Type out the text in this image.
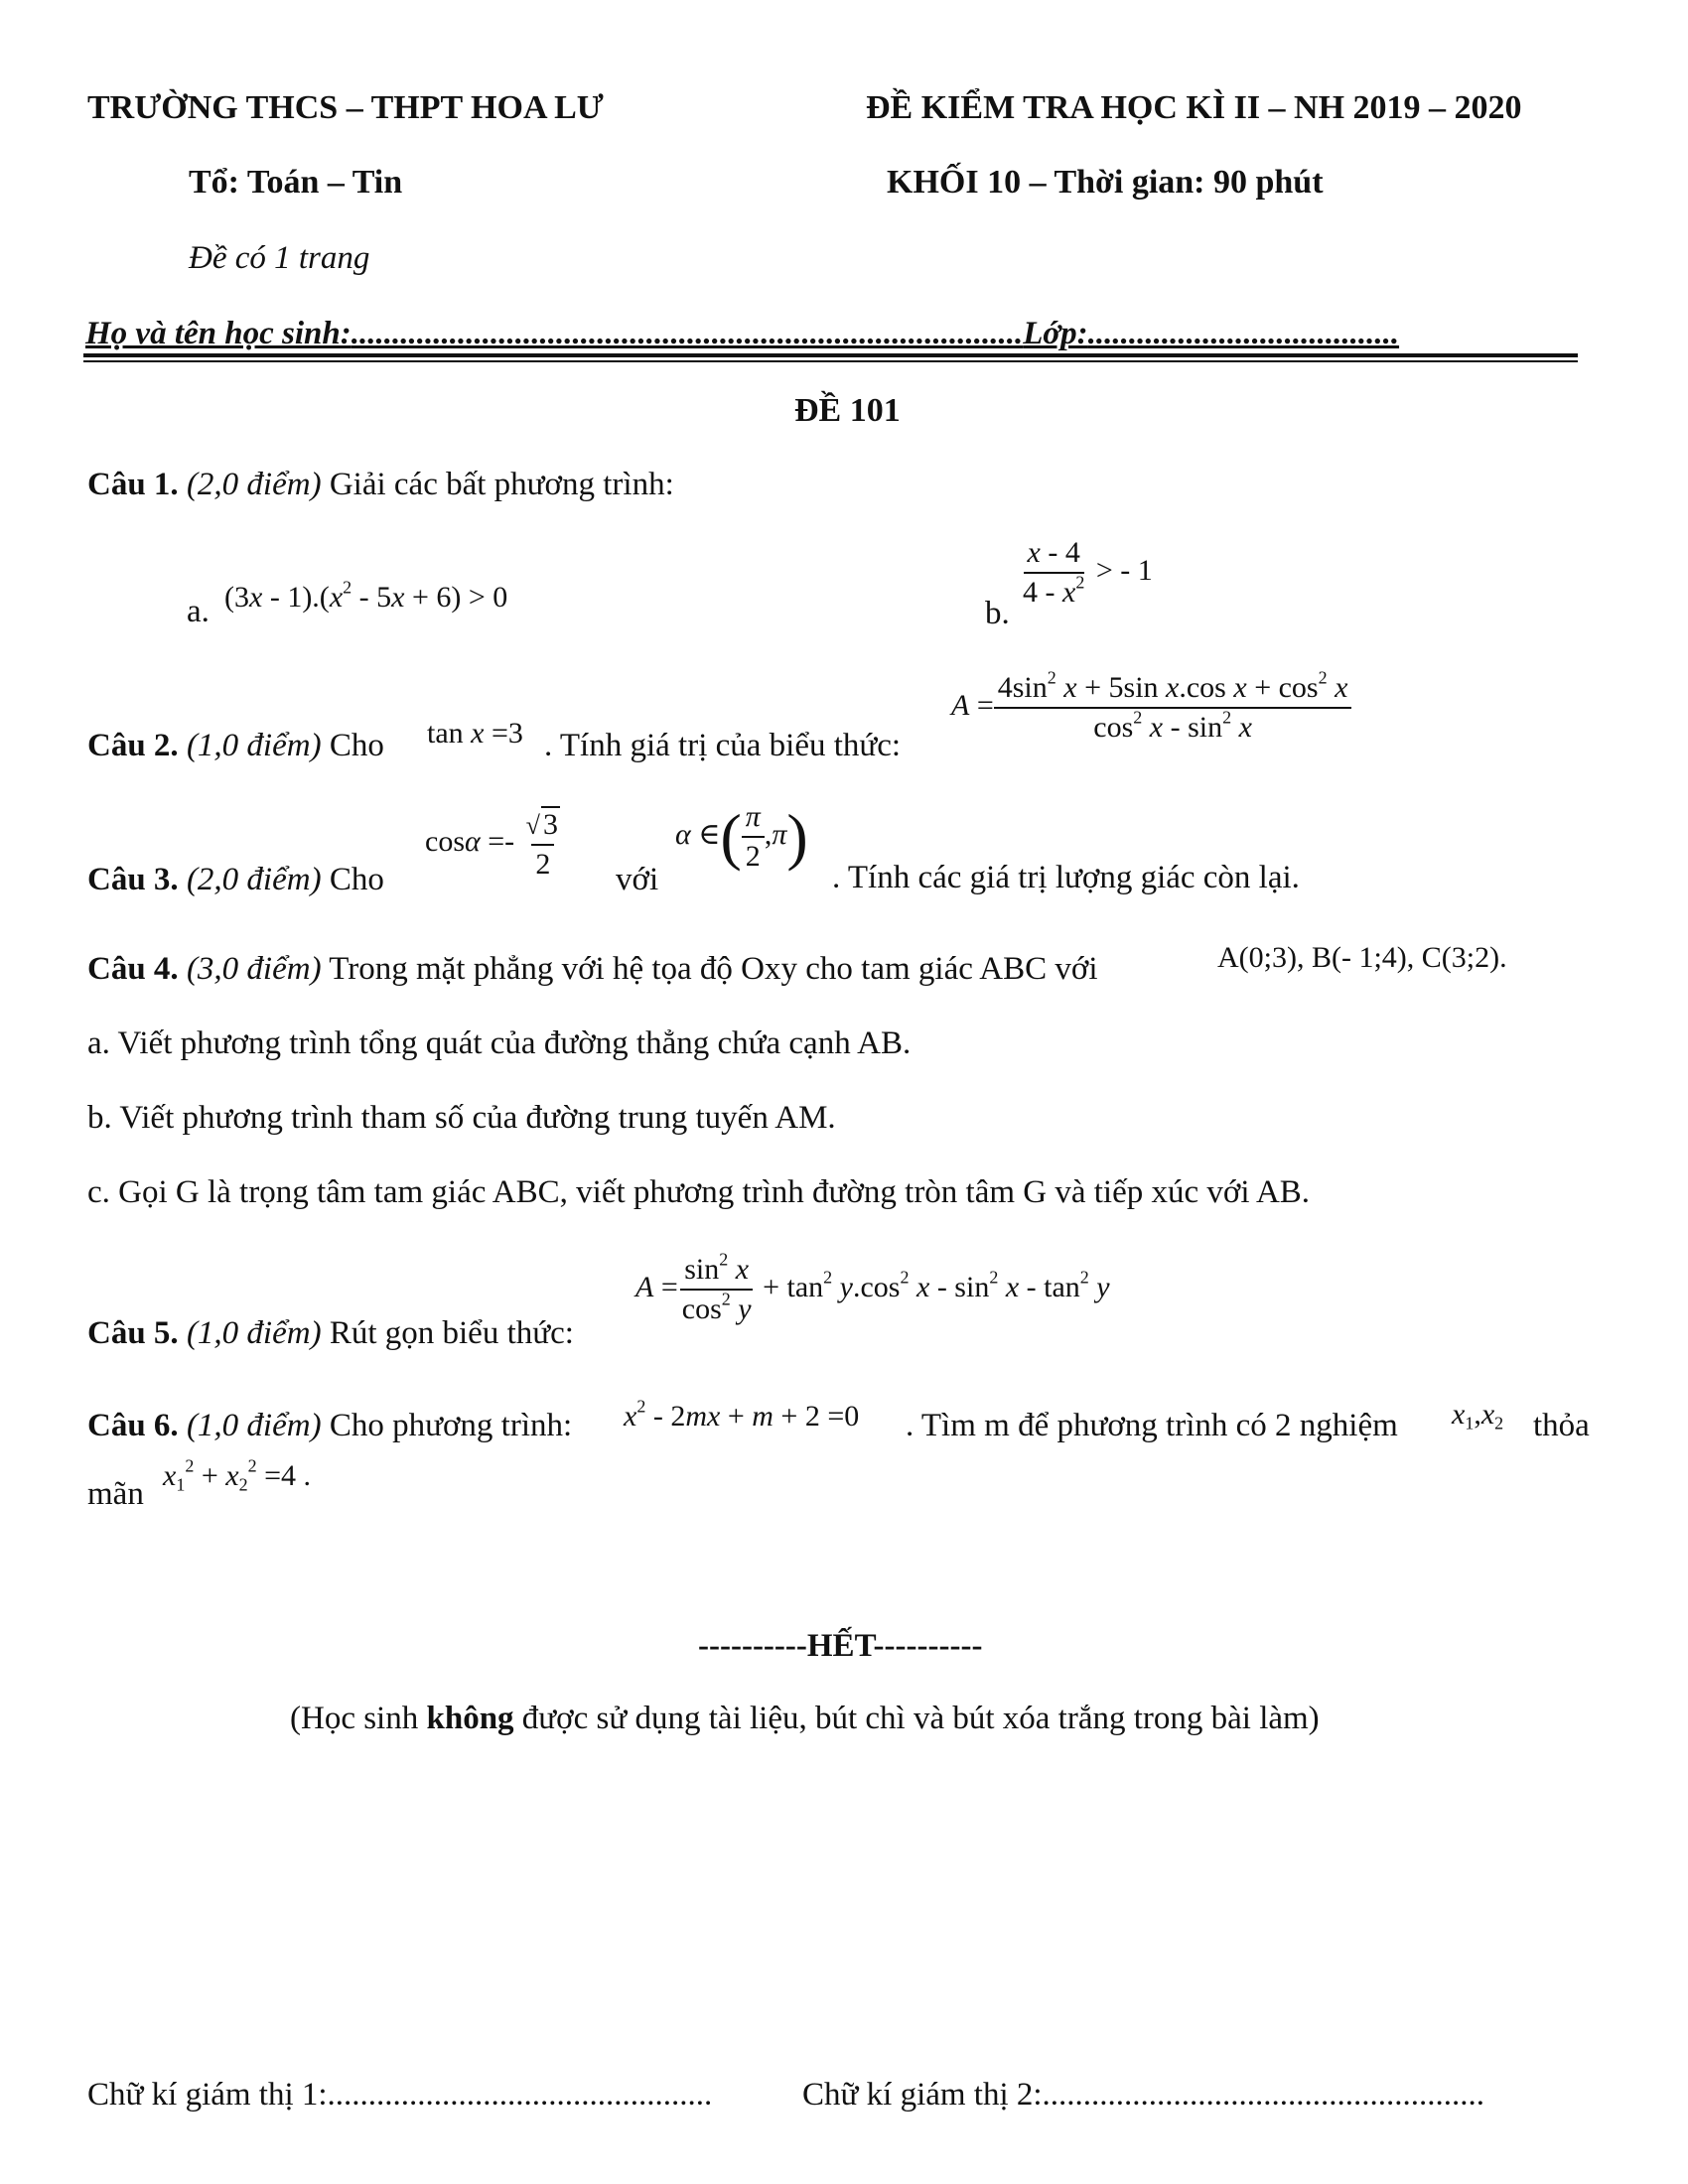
TRƯỜNG THCS – THPT HOA LƯ	ĐỀ KIỂM TRA HỌC KÌ II – NH 2019 – 2020
Tổ: Toán – Tin	KHỐI 10 – Thời gian: 90 phút
Đề có 1 trang
Họ và tên học sinh:..................................................................................Lớp:......................................
ĐỀ 101
Câu 1. (2,0 điểm) Giải các bất phương trình:
a. $(3x - 1).(x^2 - 5x + 6) > 0$	b.
$\frac{x - 4}{4 - x^2}$ > - 1
Câu 2. (1,0 điểm) Cho tan x =3 . Tính giá trị của biểu thức:
$A = \frac{4\sin^2 x + 5\sin x.\cos x + \cos^2 x}{\cos^2 x - \sin^2 x}$
Câu 3. (2,0 điểm) Cho
$\cos\alpha =- \frac{√ 3}{2}$ với
α ∈( $\frac{\pi}{2} ,\pi$)
. Tính các giá trị lượng giác còn lại.
Câu 4. (3,0 điểm) Trong mặt phẳng với hệ tọa độ Oxy cho tam giác ABC với	A(0;3), B(- 1;4), C(3;2).
a. Viết phương trình tổng quát của đường thẳng chứa cạnh AB.
b. Viết phương trình tham số của đường trung tuyến AM.
c. Gọi G là trọng tâm tam giác ABC, viết phương trình đường tròn tâm G và tiếp xúc với AB.
Câu 5. (1,0 điểm) Rút gọn biểu thức:
$A = \frac{\sin^2 x}{\cos^2 y} + \tan^2 y.\cos^2$ x - $\sin^2 x - \tan^2 y$
Câu 6. (1,0 điểm) Cho phương trình: $x^2 - 2mx + m + 2 =0$ . Tìm m để phương trình có 2 nghiệm $x_1,x_2$ thỏa
mãn
$x_1^2 + x_2^2 =4$ .
----------HẾT----------
(Học sinh không được sử dụng tài liệu, bút chì và bút xóa trắng trong bài làm)
Chữ kí giám thị 1:...............................................	Chữ kí giám thị 2:......................................................
